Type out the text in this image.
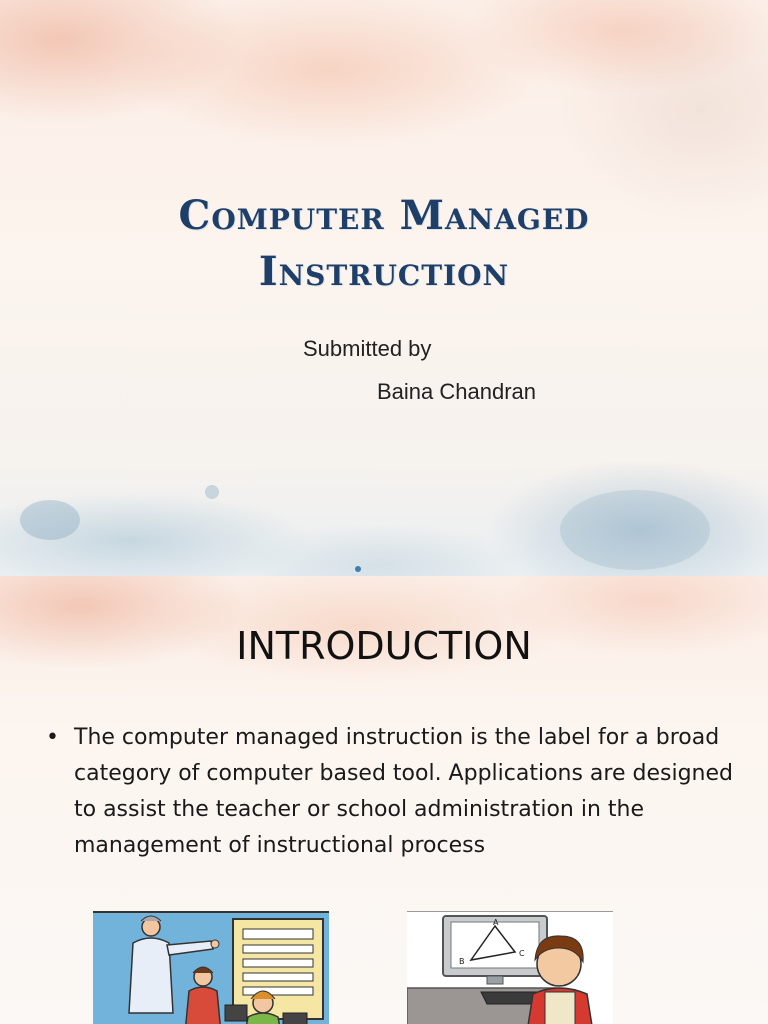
Computer Managed
Instruction
Submitted by
Baina Chandran
INTRODUCTION
• The computer managed instruction is the label for a broad category of computer based tool. Applications are designed to assist the teacher or school administration in the management of instructional process
A
B
C
